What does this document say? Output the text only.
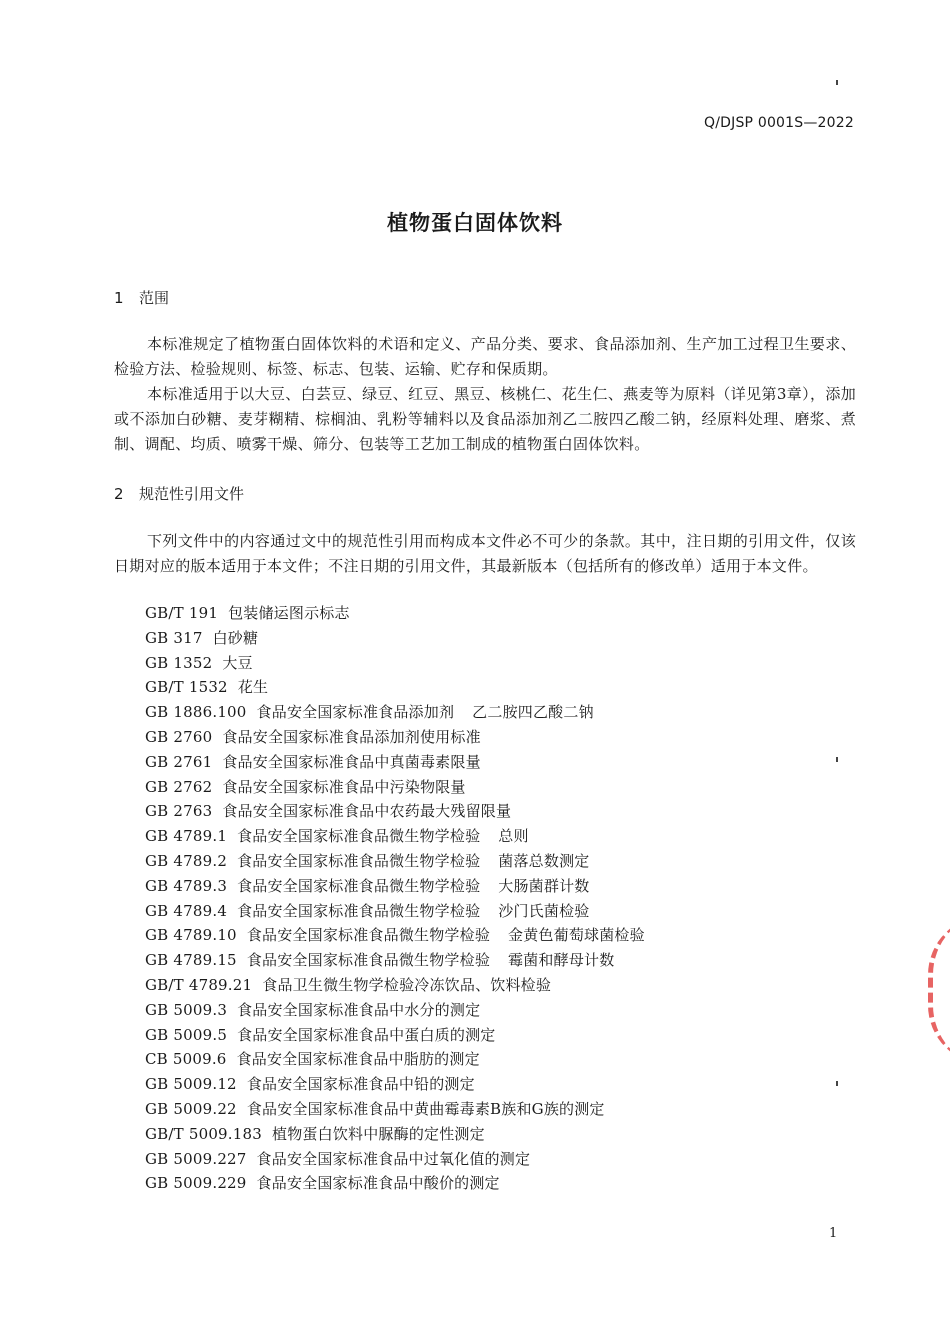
Q/DJSP 0001S—2022
植物蛋白固体饮料
1 范围
本标准规定了植物蛋白固体饮料的术语和定义、产品分类、要求、食品添加剂、生产加工过程卫生要求、检验方法、检验规则、标签、标志、包装、运输、贮存和保质期。
本标准适用于以大豆、白芸豆、绿豆、红豆、黑豆、核桃仁、花生仁、燕麦等为原料（详见第3章），添加或不添加白砂糖、麦芽糊精、棕榈油、乳粉等辅料以及食品添加剂乙二胺四乙酸二钠，经原料处理、磨浆、煮制、调配、均质、喷雾干燥、筛分、包装等工艺加工制成的植物蛋白固体饮料。
2 规范性引用文件
下列文件中的内容通过文中的规范性引用而构成本文件必不可少的条款。其中，注日期的引用文件，仅该日期对应的版本适用于本文件；不注日期的引用文件，其最新版本（包括所有的修改单）适用于本文件。
GB/T 191 包装储运图示标志
GB 317 白砂糖
GB 1352 大豆
GB/T 1532 花生
GB 1886.100 食品安全国家标准食品添加剂 乙二胺四乙酸二钠
GB 2760 食品安全国家标准食品添加剂使用标准
GB 2761 食品安全国家标准食品中真菌毒素限量
GB 2762 食品安全国家标准食品中污染物限量
GB 2763 食品安全国家标准食品中农药最大残留限量
GB 4789.1 食品安全国家标准食品微生物学检验 总则
GB 4789.2 食品安全国家标准食品微生物学检验 菌落总数测定
GB 4789.3 食品安全国家标准食品微生物学检验 大肠菌群计数
GB 4789.4 食品安全国家标准食品微生物学检验 沙门氏菌检验
GB 4789.10 食品安全国家标准食品微生物学检验 金黄色葡萄球菌检验
GB 4789.15 食品安全国家标准食品微生物学检验 霉菌和酵母计数
GB/T 4789.21 食品卫生微生物学检验冷冻饮品、饮料检验
GB 5009.3 食品安全国家标准食品中水分的测定
GB 5009.5 食品安全国家标准食品中蛋白质的测定
CB 5009.6 食品安全国家标准食品中脂肪的测定
GB 5009.12 食品安全国家标准食品中铅的测定
GB 5009.22 食品安全国家标准食品中黄曲霉毒素B族和G族的测定
GB/T 5009.183 植物蛋白饮料中脲酶的定性测定
GB 5009.227 食品安全国家标准食品中过氧化值的测定
GB 5009.229 食品安全国家标准食品中酸价的测定
1
